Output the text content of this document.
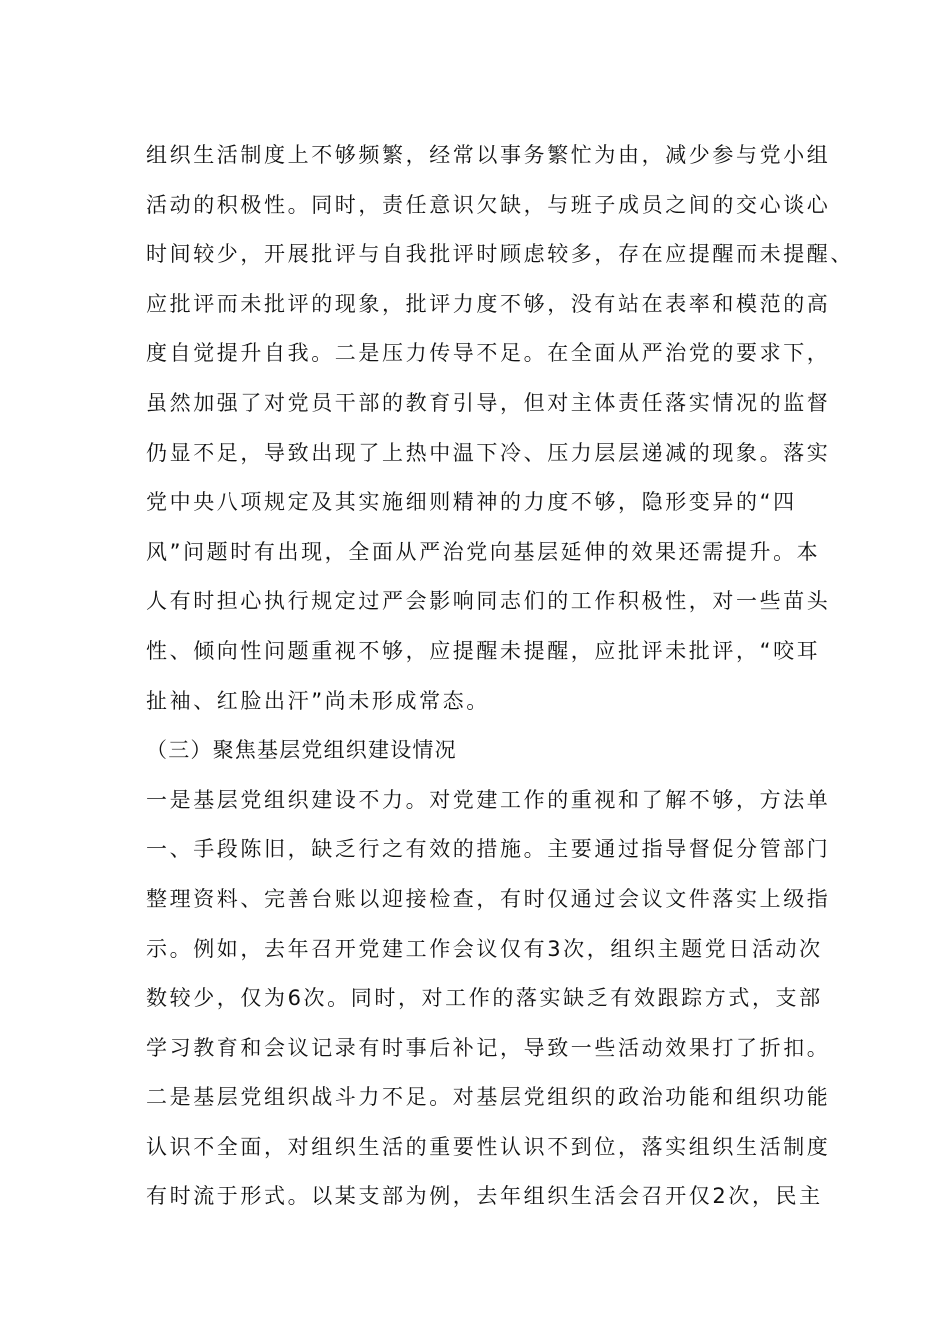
组织生活制度上不够频繁，经常以事务繁忙为由，减少参与党小组
活动的积极性。同时，责任意识欠缺，与班子成员之间的交心谈心
时间较少，开展批评与自我批评时顾虑较多，存在应提醒而未提醒、
应批评而未批评的现象，批评力度不够，没有站在表率和模范的高
度自觉提升自我。二是压力传导不足。在全面从严治党的要求下，
虽然加强了对党员干部的教育引导，但对主体责任落实情况的监督
仍显不足，导致出现了上热中温下冷、压力层层递减的现象。落实
党中央八项规定及其实施细则精神的力度不够，隐形变异的“四
风”问题时有出现，全面从严治党向基层延伸的效果还需提升。本
人有时担心执行规定过严会影响同志们的工作积极性，对一些苗头
性、倾向性问题重视不够，应提醒未提醒，应批评未批评，“咬耳
扯袖、红脸出汗”尚未形成常态。
（三）聚焦基层党组织建设情况
一是基层党组织建设不力。对党建工作的重视和了解不够，方法单
一、手段陈旧，缺乏行之有效的措施。主要通过指导督促分管部门
整理资料、完善台账以迎接检查，有时仅通过会议文件落实上级指
示。例如，去年召开党建工作会议仅有3次，组织主题党日活动次
数较少，仅为6次。同时，对工作的落实缺乏有效跟踪方式，支部
学习教育和会议记录有时事后补记，导致一些活动效果打了折扣。
二是基层党组织战斗力不足。对基层党组织的政治功能和组织功能
认识不全面，对组织生活的重要性认识不到位，落实组织生活制度
有时流于形式。以某支部为例，去年组织生活会召开仅2次，民主
